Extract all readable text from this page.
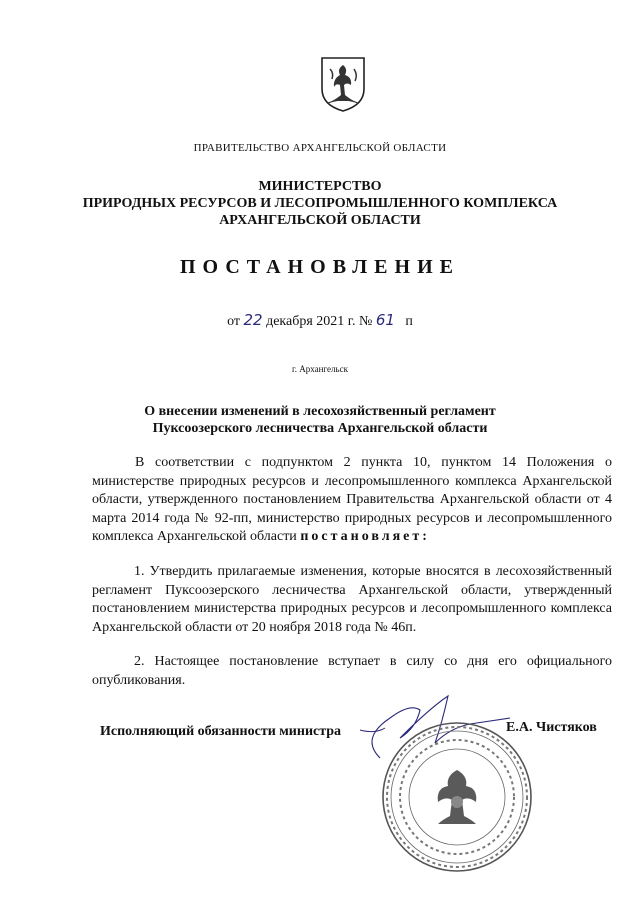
ПРАВИТЕЛЬСТВО АРХАНГЕЛЬСКОЙ ОБЛАСТИ
МИНИСТЕРСТВО
ПРИРОДНЫХ РЕСУРСОВ И ЛЕСОПРОМЫШЛЕННОГО КОМПЛЕКСА
АРХАНГЕЛЬСКОЙ ОБЛАСТИ
ПОСТАНОВЛЕНИЕ
от 22 декабря 2021 г. № 61 п
г. Архангельск
О внесении изменений в лесохозяйственный регламент
Пуксоозерского лесничества Архангельской области
В соответствии с подпунктом 2 пункта 10, пунктом 14 Положения о министерстве природных ресурсов и лесопромышленного комплекса Архангельской области, утвержденного постановлением Правительства Архангельской области от 4 марта 2014 года № 92-пп, министерство природных ресурсов и лесопромышленного комплекса Архангельской области постановляет:
1. Утвердить прилагаемые изменения, которые вносятся в лесохозяйственный регламент Пуксоозерского лесничества Архангельской области, утвержденный постановлением министерства природных ресурсов и лесопромышленного комплекса Архангельской области от 20 ноября 2018 года № 46п.
2. Настоящее постановление вступает в силу со дня его официального опубликования.
Исполняющий обязанности министра	Е.А. Чистяков
